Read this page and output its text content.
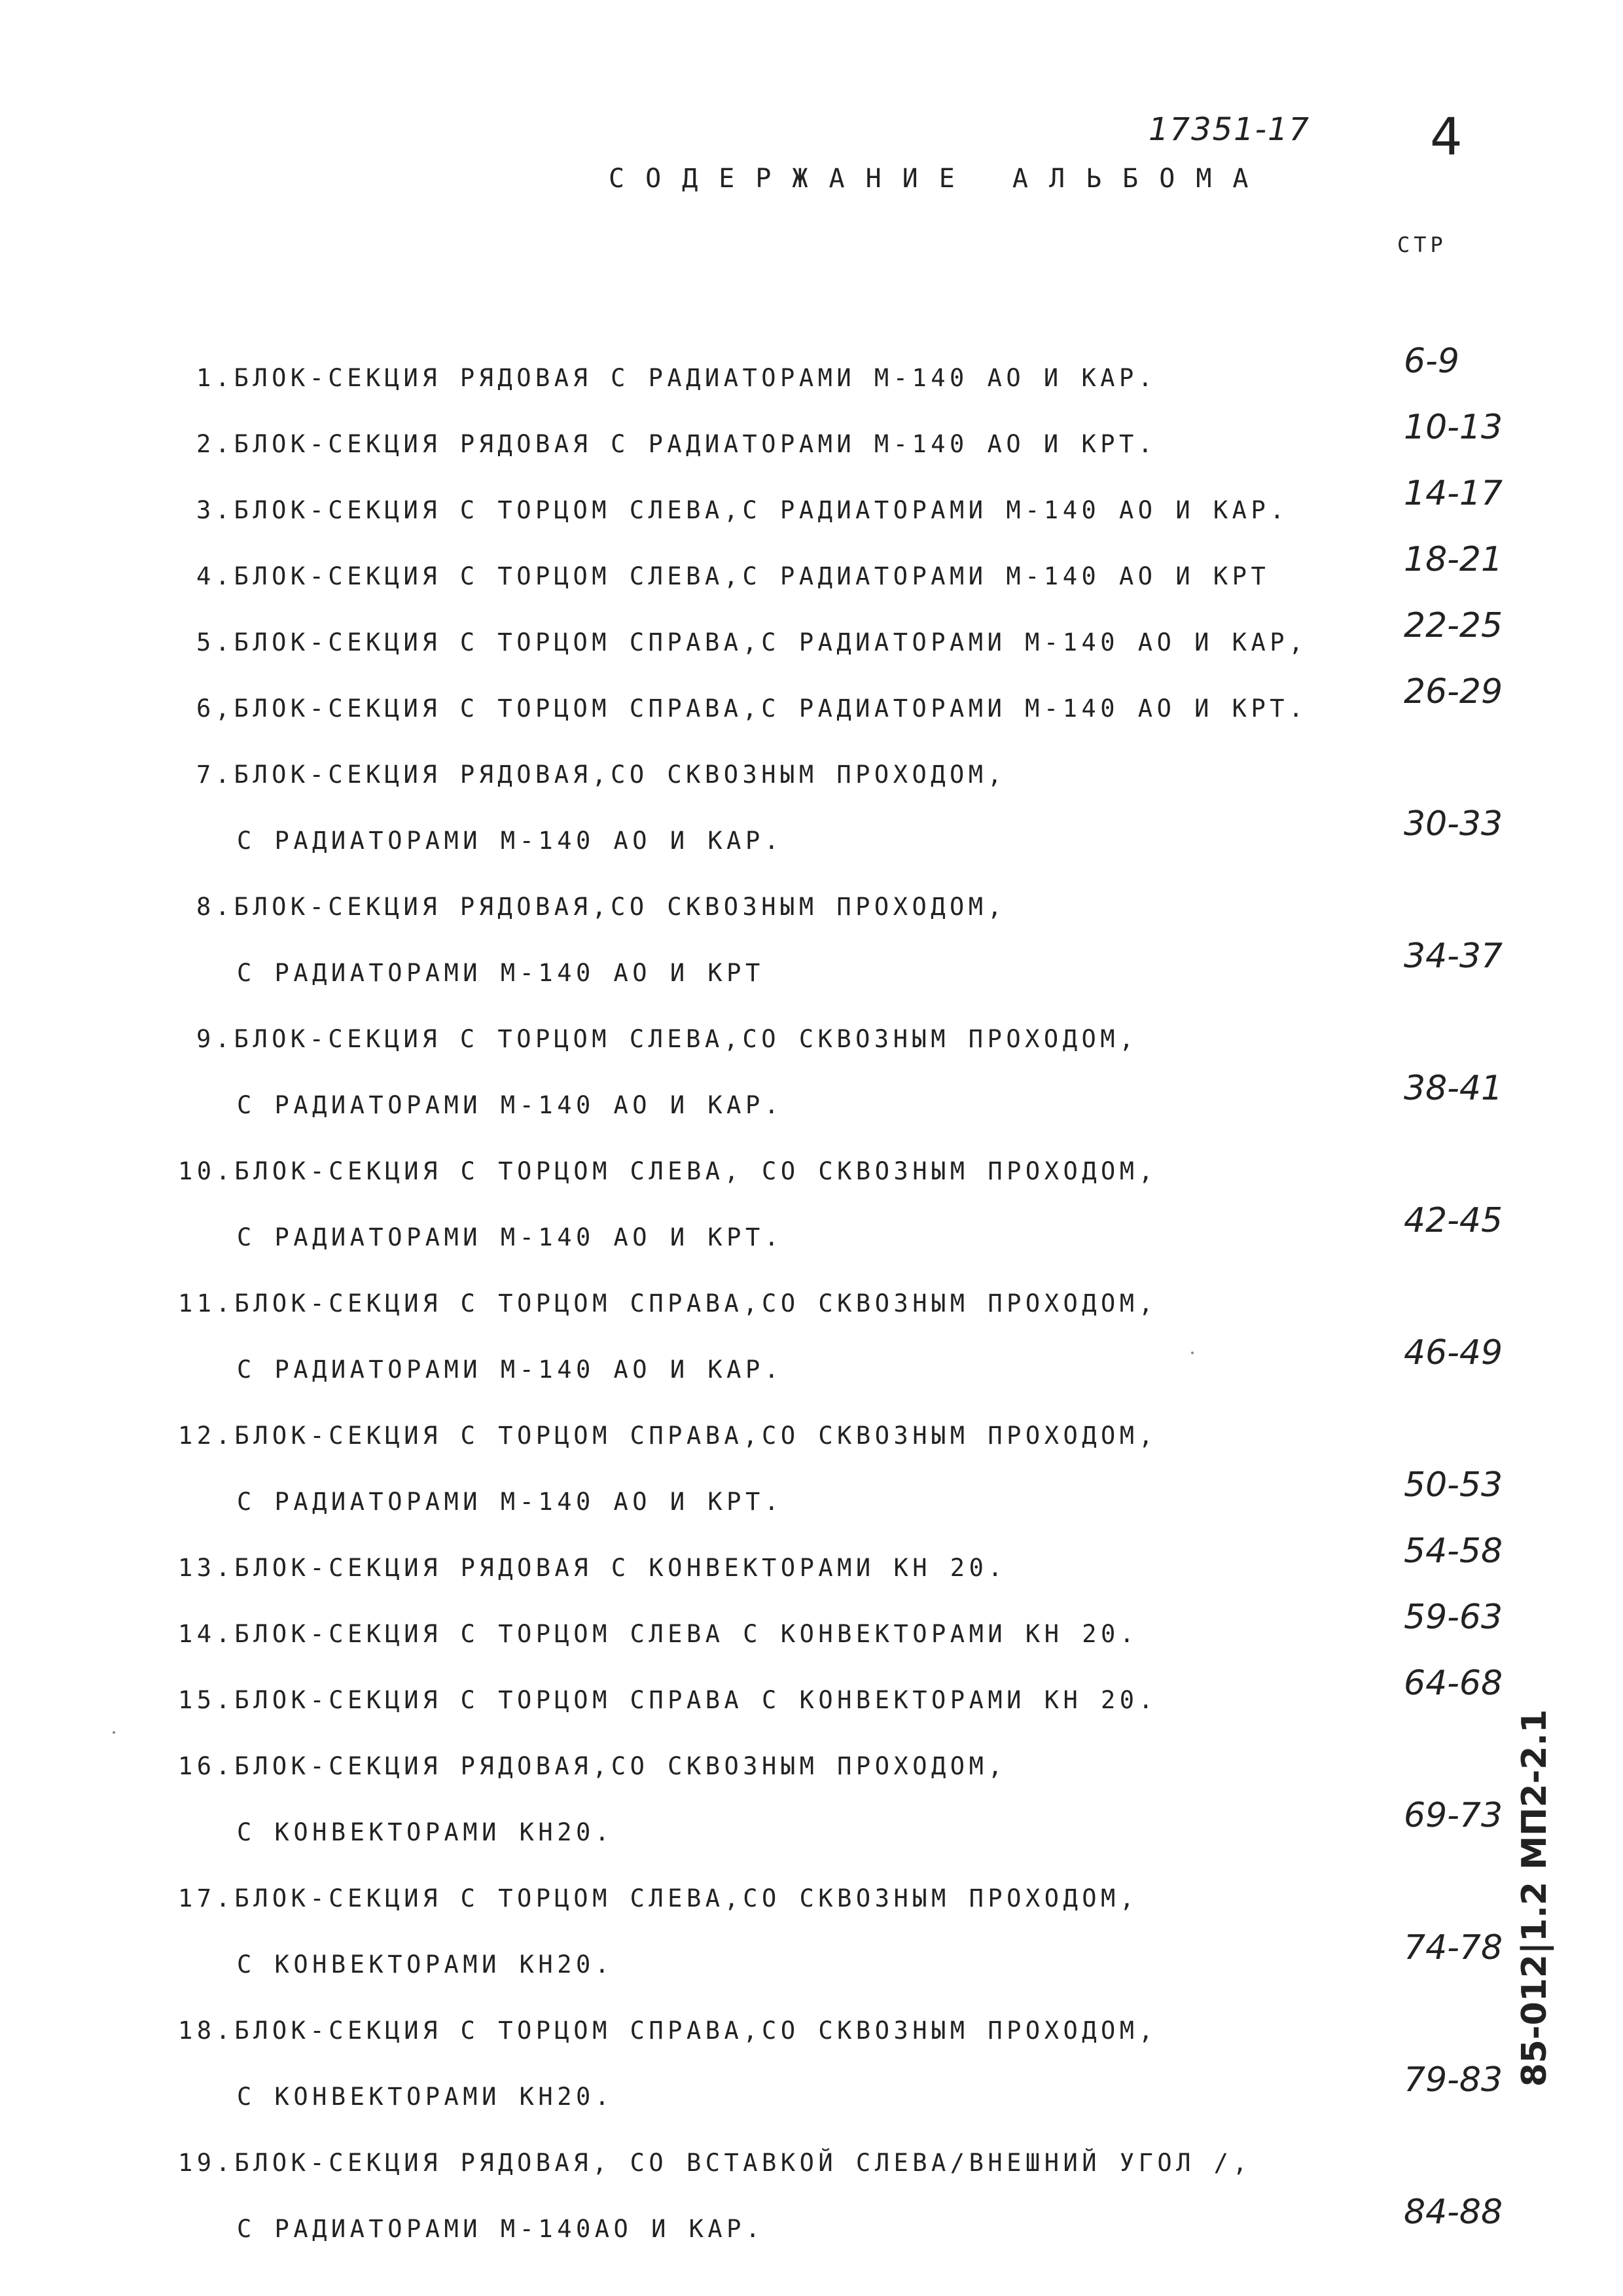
17351-17 4
СОДЕРЖАНИЕ АЛЬБОМА
СТР
1.БЛОК-СЕКЦИЯ РЯДОВАЯ С РАДИАТОРАМИ М-140 АО И КАР.	6-9
2.БЛОК-СЕКЦИЯ РЯДОВАЯ С РАДИАТОРАМИ М-140 АО И КРТ.	10-13
3.БЛОК-СЕКЦИЯ С ТОРЦОМ СЛЕВА,С РАДИАТОРАМИ М-140 АО И КАР.	14-17
4.БЛОК-СЕКЦИЯ С ТОРЦОМ СЛЕВА,С РАДИАТОРАМИ М-140 АО И КРТ	18-21
5.БЛОК-СЕКЦИЯ С ТОРЦОМ СПРАВА,С РАДИАТОРАМИ М-140 АО И КАР,	22-25
6,БЛОК-СЕКЦИЯ С ТОРЦОМ СПРАВА,С РАДИАТОРАМИ М-140 АО И КРТ.	26-29
7.БЛОК-СЕКЦИЯ РЯДОВАЯ,СО СКВОЗНЫМ ПРОХОДОМ,
С РАДИАТОРАМИ М-140 АО И КАР.	30-33
8.БЛОК-СЕКЦИЯ РЯДОВАЯ,СО СКВОЗНЫМ ПРОХОДОМ,
С РАДИАТОРАМИ М-140 АО И КРТ	34-37
9.БЛОК-СЕКЦИЯ С ТОРЦОМ СЛЕВА,СО СКВОЗНЫМ ПРОХОДОМ,
С РАДИАТОРАМИ М-140 АО И КАР.	38-41
10.БЛОК-СЕКЦИЯ С ТОРЦОМ СЛЕВА, СО СКВОЗНЫМ ПРОХОДОМ,
С РАДИАТОРАМИ М-140 АО И КРТ.	42-45
11.БЛОК-СЕКЦИЯ С ТОРЦОМ СПРАВА,СО СКВОЗНЫМ ПРОХОДОМ,
С РАДИАТОРАМИ М-140 АО И КАР.	46-49
12.БЛОК-СЕКЦИЯ С ТОРЦОМ СПРАВА,СО СКВОЗНЫМ ПРОХОДОМ,
С РАДИАТОРАМИ М-140 АО И КРТ.	50-53
13.БЛОК-СЕКЦИЯ РЯДОВАЯ С КОНВЕКТОРАМИ КН 20.	54-58
14.БЛОК-СЕКЦИЯ С ТОРЦОМ СЛЕВА С КОНВЕКТОРАМИ КН 20.	59-63
15.БЛОК-СЕКЦИЯ С ТОРЦОМ СПРАВА С КОНВЕКТОРАМИ КН 20.	64-68
16.БЛОК-СЕКЦИЯ РЯДОВАЯ,СО СКВОЗНЫМ ПРОХОДОМ,
С КОНВЕКТОРАМИ КН20.	69-73
17.БЛОК-СЕКЦИЯ С ТОРЦОМ СЛЕВА,СО СКВОЗНЫМ ПРОХОДОМ,
С КОНВЕКТОРАМИ КН20.	74-78
18.БЛОК-СЕКЦИЯ С ТОРЦОМ СПРАВА,СО СКВОЗНЫМ ПРОХОДОМ,
С КОНВЕКТОРАМИ КН20.	79-83
19.БЛОК-СЕКЦИЯ РЯДОВАЯ, СО ВСТАВКОЙ СЛЕВА/ВНЕШНИЙ УГОЛ /,
С РАДИАТОРАМИ М-140АО И КАР.	84-88
85-012|1.2 МП2-2.1
